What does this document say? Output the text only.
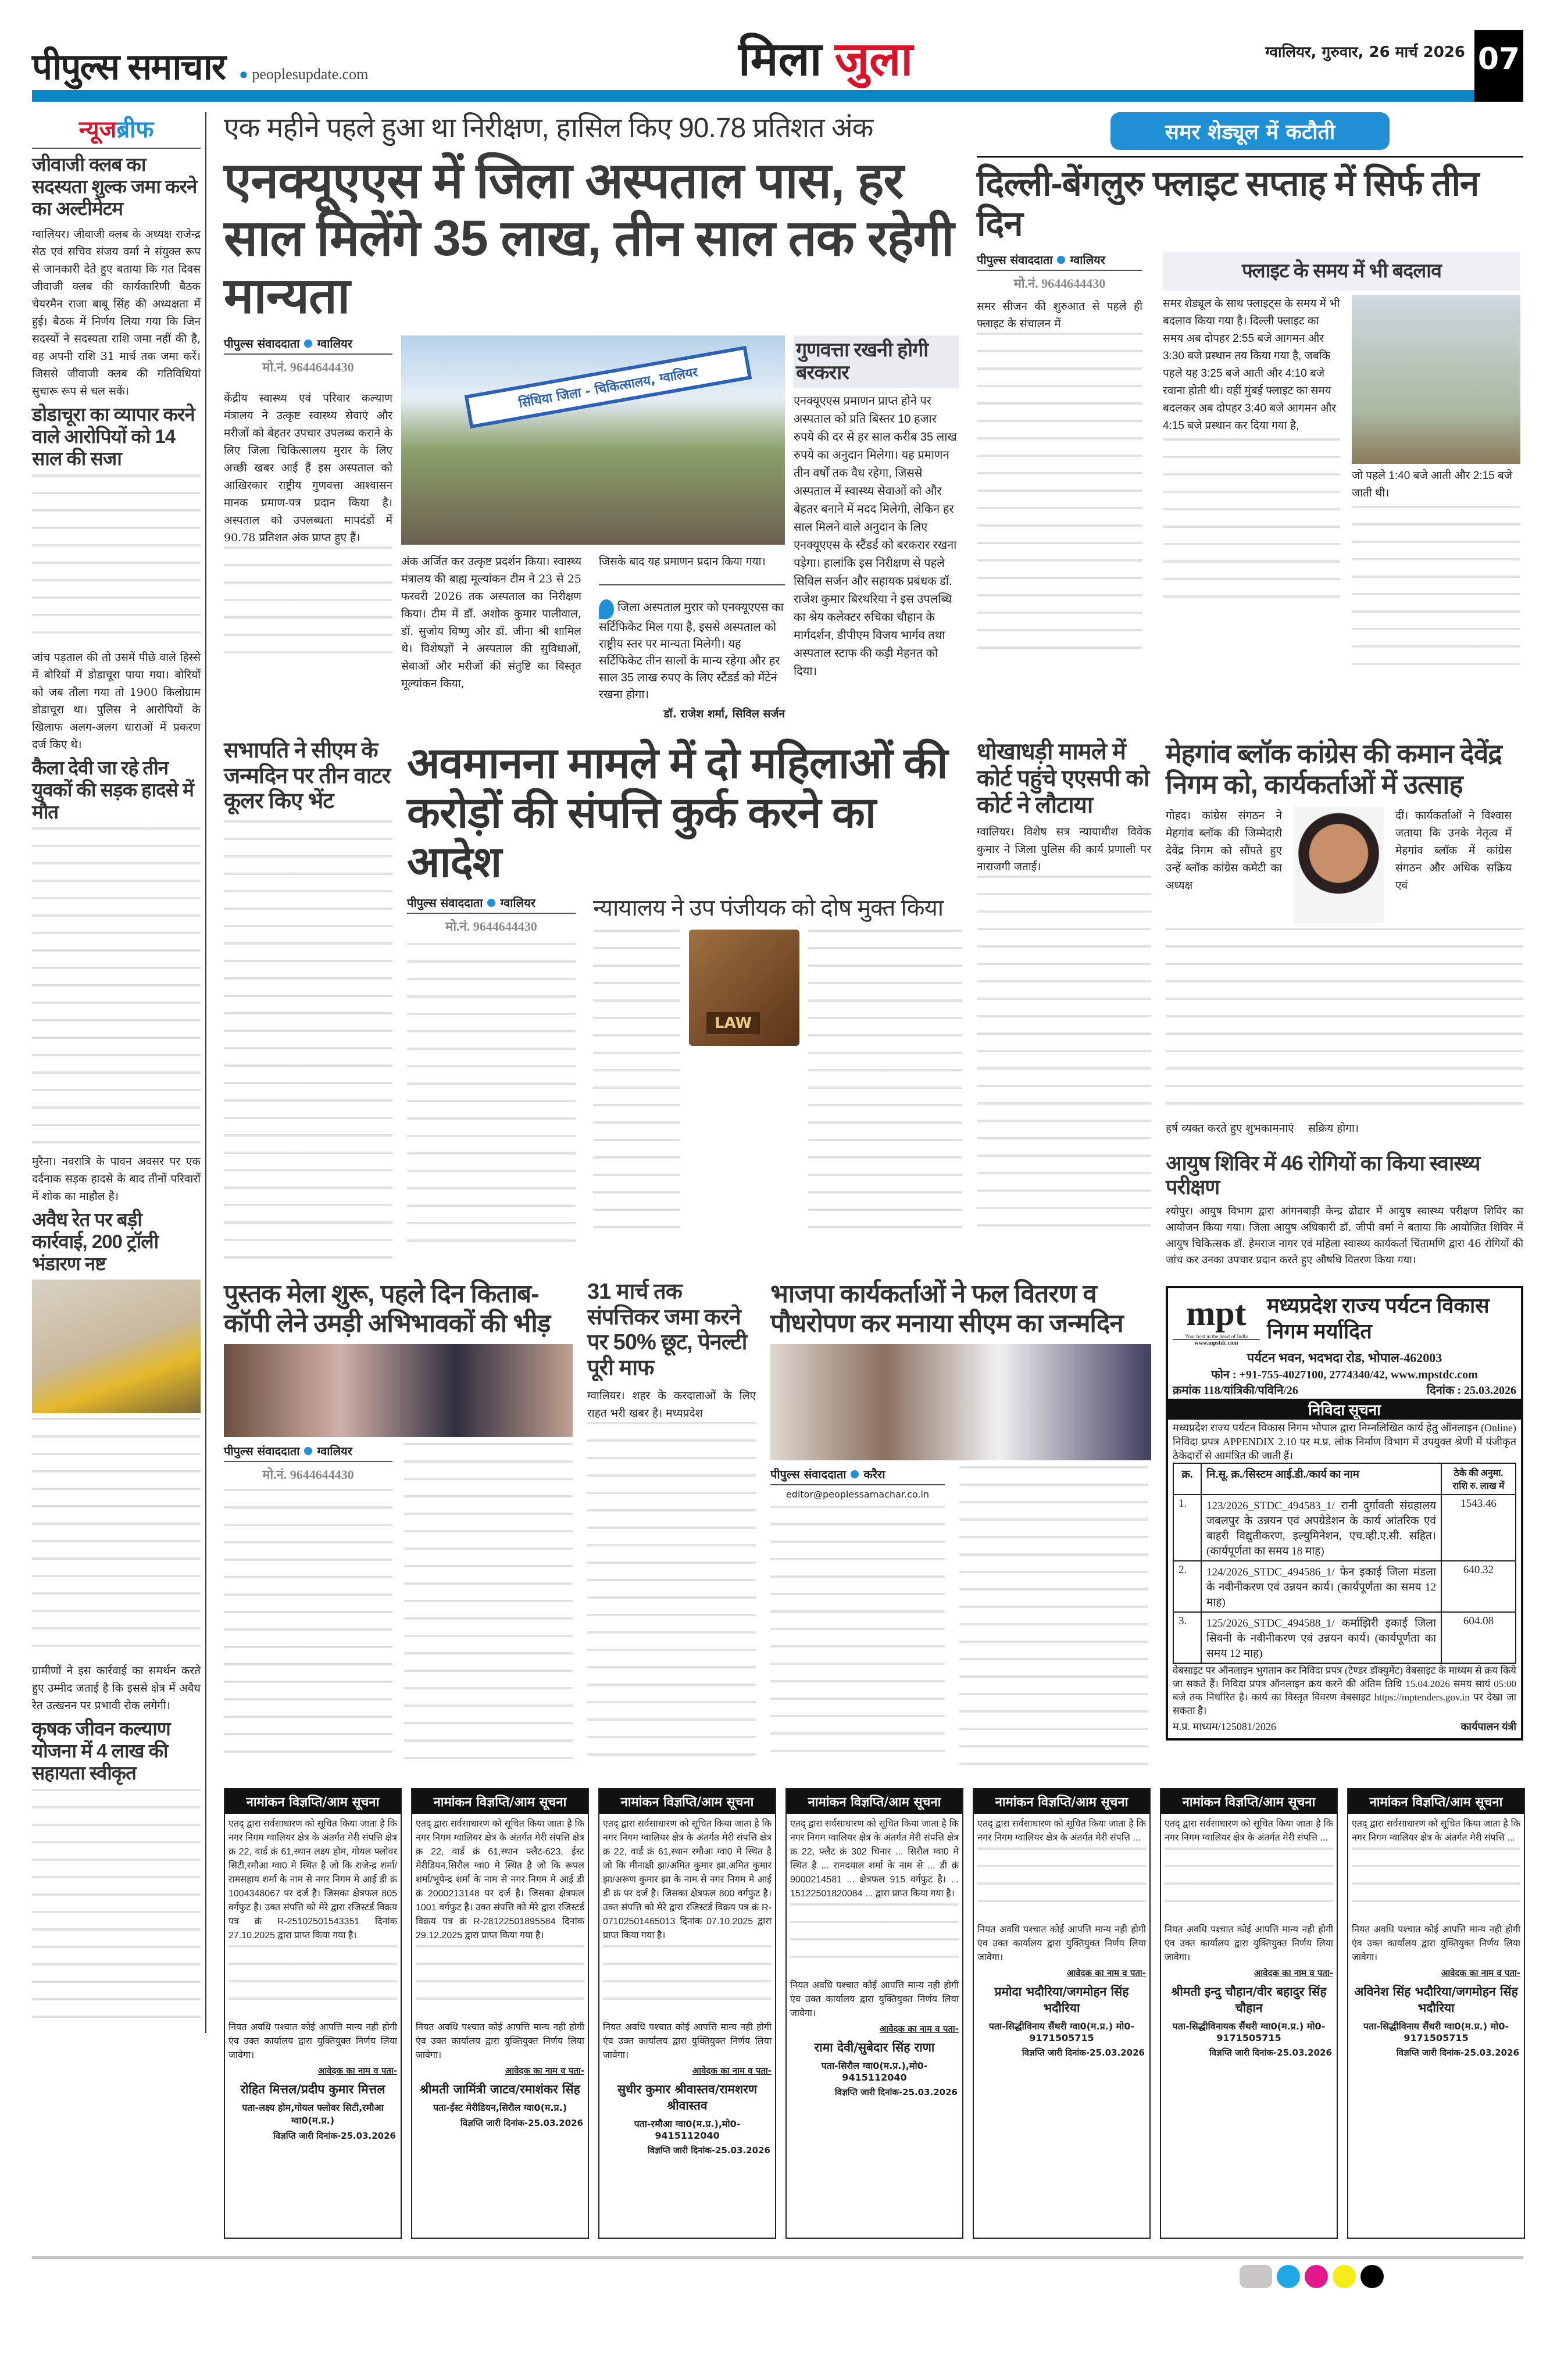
पीपुल्स समाचार ● peoplesupdate.com	मिला जुला	ग्वालियर, गुरुवार, 26 मार्च 2026 07
न्यूजब्रीफ
जीवाजी क्लब का सदस्यता शुल्क जमा करने का अल्टीमेटम
ग्वालियर। जीवाजी क्लब के अध्यक्ष राजेन्द्र सेठ एवं सचिव संजय वर्मा ने संयुक्त रूप से जानकारी देते हुए बताया कि गत दिवस जीवाजी क्लब की कार्यकारिणी बैठक चेयरमैन राजा बाबू सिंह की अध्यक्षता में हुई। बैठक में निर्णय लिया गया कि जिन सदस्यों ने सदस्यता राशि जमा नहीं की है, वह अपनी राशि 31 मार्च तक जमा करें। जिससे जीवाजी क्लब की गतिविधियां सुचारू रूप से चल सकें।
डोडाचूरा का व्यापार करने वाले आरोपियों को 14 साल की सजा
जांच पड़ताल की तो उसमें पीछे वाले हिस्से में बोरियों में डोडाचूरा पाया गया। बोरियों को जब तौला गया तो 1900 किलोग्राम डोडाचूरा था। पुलिस ने आरोपियों के खिलाफ अलग-अलग धाराओं में प्रकरण दर्ज किए थे।
कैला देवी जा रहे तीन युवकों की सड़क हादसे में मौत
मुरैना। नवरात्रि के पावन अवसर पर एक दर्दनाक सड़क हादसे के बाद तीनों परिवारों में शोक का माहौल है।
अवैध रेत पर बड़ी कार्रवाई, 200 ट्रॉली भंडारण नष्ट
ग्रामीणों ने इस कार्रवाई का समर्थन करते हुए उम्मीद जताई है कि इससे क्षेत्र में अवैध रेत उत्खनन पर प्रभावी रोक लगेगी।
कृषक जीवन कल्याण योजना में 4 लाख की सहायता स्वीकृत
एक महीने पहले हुआ था निरीक्षण, हासिल किए 90.78 प्रतिशत अंक
एनक्यूएएस में जिला अस्पताल पास, हर साल मिलेंगे 35 लाख, तीन साल तक रहेगी मान्यता
पीपुल्स संवाददाता ग्वालियर
मो.नं. 9644644430
केंद्रीय स्वास्थ्य एवं परिवार कल्याण मंत्रालय ने उत्कृष्ट स्वास्थ्य सेवाएं और मरीजों को बेहतर उपचार उपलब्ध कराने के लिए जिला चिकित्सालय मुरार के लिए अच्छी खबर आई हैं इस अस्पताल को आखिरकार राष्ट्रीय गुणवत्ता आश्वासन मानक प्रमाण-पत्र प्रदान किया है। अस्पताल को उपलब्धता मापदंडों में 90.78 प्रतिशत अंक प्राप्त हुए हैं।
सिंधिया जिला - चिकित्सालय, ग्वालियर
अंक अर्जित कर उत्कृष्ट प्रदर्शन किया। स्वास्थ्य मंत्रालय की बाह्य मूल्यांकन टीम ने 23 से 25 फरवरी 2026 तक अस्पताल का निरीक्षण किया। टीम में डॉ. अशोक कुमार पालीवाल, डॉ. सुजोय विष्णु और डॉ. जीना श्री शामिल थे। विशेषज्ञों ने अस्पताल की सुविधाओं, सेवाओं और मरीजों की संतुष्टि का विस्तृत मूल्यांकन किया,
जिसके बाद यह प्रमाणन प्रदान किया गया।
जिला अस्पताल मुरार को एनक्यूएएस का सर्टिफिकेट मिल गया है, इससे अस्पताल को राष्ट्रीय स्तर पर मान्यता मिलेगी। यह सर्टिफिकेट तीन सालों के मान्य रहेगा और हर साल 35 लाख रुपए के लिए स्टैंडर्ड को मेंटेनं रखना होगा।
डॉ. राजेश शर्मा, सिविल सर्जन
गुणवत्ता रखनी होगी बरकरार
एनक्यूएएस प्रमाणन प्राप्त होने पर अस्पताल को प्रति बिस्तर 10 हजार रुपये की दर से हर साल करीब 35 लाख रुपये का अनुदान मिलेगा। यह प्रमाणन तीन वर्षों तक वैध रहेगा, जिससे अस्पताल में स्वास्थ्य सेवाओं को और बेहतर बनाने में मदद मिलेगी, लेकिन हर साल मिलने वाले अनुदान के लिए एनक्यूएएस के स्टैंडर्ड को बरकरार रखना पड़ेगा। हालांकि इस निरीक्षण से पहले सिविल सर्जन और सहायक प्रबंधक डॉ. राजेश कुमार बिरथरिया ने इस उपलब्धि का श्रेय कलेक्टर रुचिका चौहान के मार्गदर्शन, डीपीएम विजय भार्गव तथा अस्पताल स्टाफ की कड़ी मेहनत को दिया।
समर शेड्यूल में कटौती
दिल्ली-बेंगलुरु फ्लाइट सप्ताह में सिर्फ तीन दिन
पीपुल्स संवाददाता ग्वालियर
मो.नं. 9644644430
समर सीजन की शुरुआत से पहले ही फ्लाइट के संचालन में
फ्लाइट के समय में भी बदलाव
समर शेड्यूल के साथ फ्लाइट्स के समय में भी बदलाव किया गया है। दिल्ली फ्लाइट का समय अब दोपहर 2:55 बजे आगमन और 3:30 बजे प्रस्थान तय किया गया है, जबकि पहले यह 3:25 बजे आती और 4:10 बजे रवाना होती थी। वहीं मुंबई फ्लाइट का समय बदलकर अब दोपहर 3:40 बजे आगमन और 4:15 बजे प्रस्थान कर दिया गया है,
जो पहले 1:40 बजे आती और 2:15 बजे जाती थी।
सभापति ने सीएम के जन्मदिन पर तीन वाटर कूलर किए भेंट
अवमानना मामले में दो महिलाओं की करोड़ों की संपत्ति कुर्क करने का आदेश
पीपुल्स संवाददाता ग्वालियर
मो.नं. 9644644430
न्यायालय ने उप पंजीयक को दोष मुक्त किया
LAW
धोखाधड़ी मामले में कोर्ट पहुंचे एएसपी को कोर्ट ने लौटाया
ग्वालियर। विशेष सत्र न्यायाधीश विवेक कुमार ने जिला पुलिस की कार्य प्रणाली पर नाराजगी जताई।
पुस्तक मेला शुरू, पहले दिन किताब-कॉपी लेने उमड़ी अभिभावकों की भीड़
पीपुल्स संवाददाता ग्वालियर
मो.नं. 9644644430
31 मार्च तक संपत्तिकर जमा करने पर 50% छूट, पेनल्टी पूरी माफ
ग्वालियर। शहर के करदाताओं के लिए राहत भरी खबर है। मध्यप्रदेश
भाजपा कार्यकर्ताओं ने फल वितरण व पौधरोपण कर मनाया सीएम का जन्मदिन
पीपुल्स संवाददाता करैरा
editor@peoplessamachar.co.in
मेहगांव ब्लॉक कांग्रेस की कमान देवेंद्र निगम को, कार्यकर्ताओं में उत्साह
गोहद। कांग्रेस संगठन ने मेहगांव ब्लॉक की जिम्मेदारी देवेंद्र निगम को सौंपते हुए उन्हें ब्लॉक कांग्रेस कमेटी का अध्यक्ष
दीं। कार्यकर्ताओं ने विश्वास जताया कि उनके नेतृत्व में मेहगांव ब्लॉक में कांग्रेस संगठन और अधिक सक्रिय एवं
हर्ष व्यक्त करते हुए शुभकामनाएं सक्रिय होगा।
आयुष शिविर में 46 रोगियों का किया स्वास्थ्य परीक्षण
श्योपुर। आयुष विभाग द्वारा आंगनबाड़ी केन्द्र ढोढार में आयुष स्वास्थ्य परीक्षण शिविर का आयोजन किया गया। जिला आयुष अधिकारी डॉ. जीपी वर्मा ने बताया कि आयोजित शिविर में आयुष चिकित्सक डॉ. हेमराज नागर एवं महिला स्वास्थ्य कार्यकर्ता चिंतामणि द्वारा 46 रोगियों की जांच कर उनका उपचार प्रदान करते हुए औषधि वितरण किया गया।
mpt
Your host in the heart of India
www.mpstdc.com
मध्यप्रदेश राज्य पर्यटन विकास निगम मर्यादित
पर्यटन भवन, भदभदा रोड, भोपाल-462003
फोन : +91-755-4027100, 2774340/42, www.mpstdc.com
क्रमांक 118/यांत्रिकी/पविनि/26	दिनांक : 25.03.2026
निविदा सूचना
मध्यप्रदेश राज्य पर्यटन विकास निगम भोपाल द्वारा निम्नलिखित कार्य हेतु ऑनलाइन (Online) निविदा प्रपत्र APPENDIX 2.10 पर म.प्र. लोक निर्माण विभाग में उपयुक्त श्रेणी में पंजीकृत ठेकेदारों से आमंत्रित की जाती हैं।
क्र.	नि.सू. क्र./सिस्टम आई.डी./कार्य का नाम	ठेके की अनुमा. राशि रु. लाख में
1.	123/2026_STDC_494583_1/ रानी दुर्गावती संग्रहालय जबलपुर के उन्नयन एवं अपग्रेडेशन के कार्य आंतरिक एवं बाहरी विद्युतीकरण, इल्युमिनेशन, एच.व्ही.ए.सी. सहित। (कार्यपूर्णता का समय 18 माह)	1543.46
2.	124/2026_STDC_494586_1/ फेन इकाई जिला मंडला के नवीनीकरण एवं उन्नयन कार्य। (कार्यपूर्णता का समय 12 माह)	640.32
3.	125/2026_STDC_494588_1/ कर्माझिरी इकाई जिला सिवनी के नवीनीकरण एवं उन्नयन कार्य। (कार्यपूर्णता का समय 12 माह)	604.08
वेबसाइट पर ऑनलाइन भुगतान कर निविदा प्रपत्र (टेण्डर डॉक्युमेंट) वेबसाइट के माध्यम से क्रय किये जा सकते हैं। निविदा प्रपत्र ऑनलाइन क्रय करने की अंतिम तिथि 15.04.2026 समय सायं 05:00 बजे तक निर्धारित है। कार्य का विस्तृत विवरण वेबसाइट https://mptenders.gov.in पर देखा जा सकता है।
म.प्र. माध्यम/125081/2026	कार्यपालन यंत्री
नामांकन विज्ञप्ति/आम सूचना
एतद् द्वारा सर्वसाधारण को सूचित किया जाता है कि नगर निगम ग्वालियर क्षेत्र के अंतर्गत मेरी संपत्ति क्षेत्र क्र 22, वार्ड क्रं 61,स्थान लक्ष्य होम, गोयल फ्लोवर सिटी,रमौआ ग्वा0 मे स्थित है जो कि राजेन्द्र शर्मा/रामसहाय शर्मा के नाम से नगर निगम मे आई डी क्रं 1004348067 पर दर्ज है। जिसका क्षेत्रफल 805 वर्गफुट है। उक्त संपत्ति को मेरे द्वारा रजिस्टर्ड विक्रय पत्र क्रं R-25102501543351 दिनांक 27.10.2025 द्वारा प्राप्त किया गया है।
नियत अवधि पश्चात कोई आपत्ति मान्य नही होगी एंव उक्त कार्यालय द्वारा युक्तियुक्त निर्णय लिया जावेगा।
आवेदक का नाम व पता-
रोहित मित्तल/प्रदीप कुमार मित्तल
पता-लक्ष्य होम,गोयल फ्लोवर सिटी,रमौआ ग्वा0(म.प्र.)
विज्ञप्ति जारी दिनांक-25.03.2026
नामांकन विज्ञप्ति/आम सूचना
एतद् द्वारा सर्वसाधारण को सूचित किया जाता है कि नगर निगम ग्वालियर क्षेत्र के अंतर्गत मेरी संपत्ति क्षेत्र क्र 22, वार्ड क्रं 61,स्थान फ्लैट-623, ईस्ट मेरीडियन,सिरौल ग्वा0 मे स्थित है जो कि रूपल शर्मा/भूपेन्द्र शर्मा के नाम से नगर निगम मे आई डी क्रं 2000213148 पर दर्ज है। जिसका क्षेत्रफल 1001 वर्गफुट है। उक्त संपत्ति को मेरे द्वारा रजिस्टर्ड विक्रय पत्र क्रं R-28122501895584 दिनांक 29.12.2025 द्वारा प्राप्त किया गया है।
नियत अवधि पश्चात कोई आपत्ति मान्य नही होगी एंव उक्त कार्यालय द्वारा युक्तियुक्त निर्णय लिया जावेगा।
आवेदक का नाम व पता-
श्रीमती जामिंत्री जाटव/रमाशंकर सिंह
पता-ईस्ट मेरीडियन,सिरौल ग्वा0(म.प्र.)
विज्ञप्ति जारी दिनांक-25.03.2026
नामांकन विज्ञप्ति/आम सूचना
एतद् द्वारा सर्वसाधारण को सूचित किया जाता है कि नगर निगम ग्वालियर क्षेत्र के अंतर्गत मेरी संपत्ति क्षेत्र क्र 22, वार्ड क्रं 61,स्थान रमौआ ग्वा0 मे स्थित है जो कि मीनाक्षी झा/अमित कुमार झा,अमित कुमार झा/अरूण कुमार झा के नाम से नगर निगम मे आई डी क्रं पर दर्ज है। जिसका क्षेत्रफल 800 वर्गफुट है। उक्त संपत्ति को मेरे द्वारा रजिस्टर्ड विक्रय पत्र क्रं R-07102501465013 दिनांक 07.10.2025 द्वारा प्राप्त किया गया है।
नियत अवधि पश्चात कोई आपत्ति मान्य नही होगी एंव उक्त कार्यालय द्वारा युक्तियुक्त निर्णय लिया जावेगा।
आवेदक का नाम व पता-
सुधीर कुमार श्रीवास्तव/रामशरण श्रीवास्तव
पता-रमौआ ग्वा0(म.प्र.),मो0-9415112040
विज्ञप्ति जारी दिनांक-25.03.2026
नामांकन विज्ञप्ति/आम सूचना
एतद् द्वारा सर्वसाधारण को सूचित किया जाता है कि नगर निगम ग्वालियर क्षेत्र के अंतर्गत मेरी संपत्ति क्षेत्र क्र 22, फ्लैट क्रं 302 चिनार ... सिरौल ग्वा0 मे स्थित है ... रामदयाल शर्मा के नाम से ... डी क्रं 9000214581 ... क्षेत्रफल 915 वर्गफुट है। ... 15122501820084 ... द्वारा प्राप्त किया गया है।
नियत अवधि पश्चात कोई आपत्ति मान्य नही होगी एंव उक्त कार्यालय द्वारा युक्तियुक्त निर्णय लिया जावेगा।
आवेदक का नाम व पता-
रामा देवी/सुबेदार सिंह राणा
पता-सिरौल ग्वा0(म.प्र.),मो0-9415112040
विज्ञप्ति जारी दिनांक-25.03.2026
नामांकन विज्ञप्ति/आम सूचना
एतद् द्वारा सर्वसाधारण को सूचित किया जाता है कि नगर निगम ग्वालियर क्षेत्र के अंतर्गत मेरी संपत्ति ...
नियत अवधि पश्चात कोई आपत्ति मान्य नही होगी एंव उक्त कार्यालय द्वारा युक्तियुक्त निर्णय लिया जावेगा।
आवेदक का नाम व पता-
प्रमोदा भदौरिया/जगमोहन सिंह भदौरिया
पता-सिद्धीविनाय सैंथरी ग्वा0(म.प्र.) मो0-9171505715
विज्ञप्ति जारी दिनांक-25.03.2026
नामांकन विज्ञप्ति/आम सूचना
एतद् द्वारा सर्वसाधारण को सूचित किया जाता है कि नगर निगम ग्वालियर क्षेत्र के अंतर्गत मेरी संपत्ति ...
नियत अवधि पश्चात कोई आपत्ति मान्य नही होगी एंव उक्त कार्यालय द्वारा युक्तियुक्त निर्णय लिया जावेगा।
आवेदक का नाम व पता-
श्रीमती इन्दु चौहान/वीर बहादुर सिंह चौहान
पता-सिद्धीविनायक सैंथरी ग्वा0(म.प्र.) मो0-9171505715
विज्ञप्ति जारी दिनांक-25.03.2026
नामांकन विज्ञप्ति/आम सूचना
एतद् द्वारा सर्वसाधारण को सूचित किया जाता है कि नगर निगम ग्वालियर क्षेत्र के अंतर्गत मेरी संपत्ति ...
नियत अवधि पश्चात कोई आपत्ति मान्य नही होगी एंव उक्त कार्यालय द्वारा युक्तियुक्त निर्णय लिया जावेगा।
आवेदक का नाम व पता-
अविनेश सिंह भदौरिया/जगमोहन सिंह भदौरिया
पता-सिद्धीविनाय सैंथरी ग्वा0(म.प्र.) मो0-9171505715
विज्ञप्ति जारी दिनांक-25.03.2026
